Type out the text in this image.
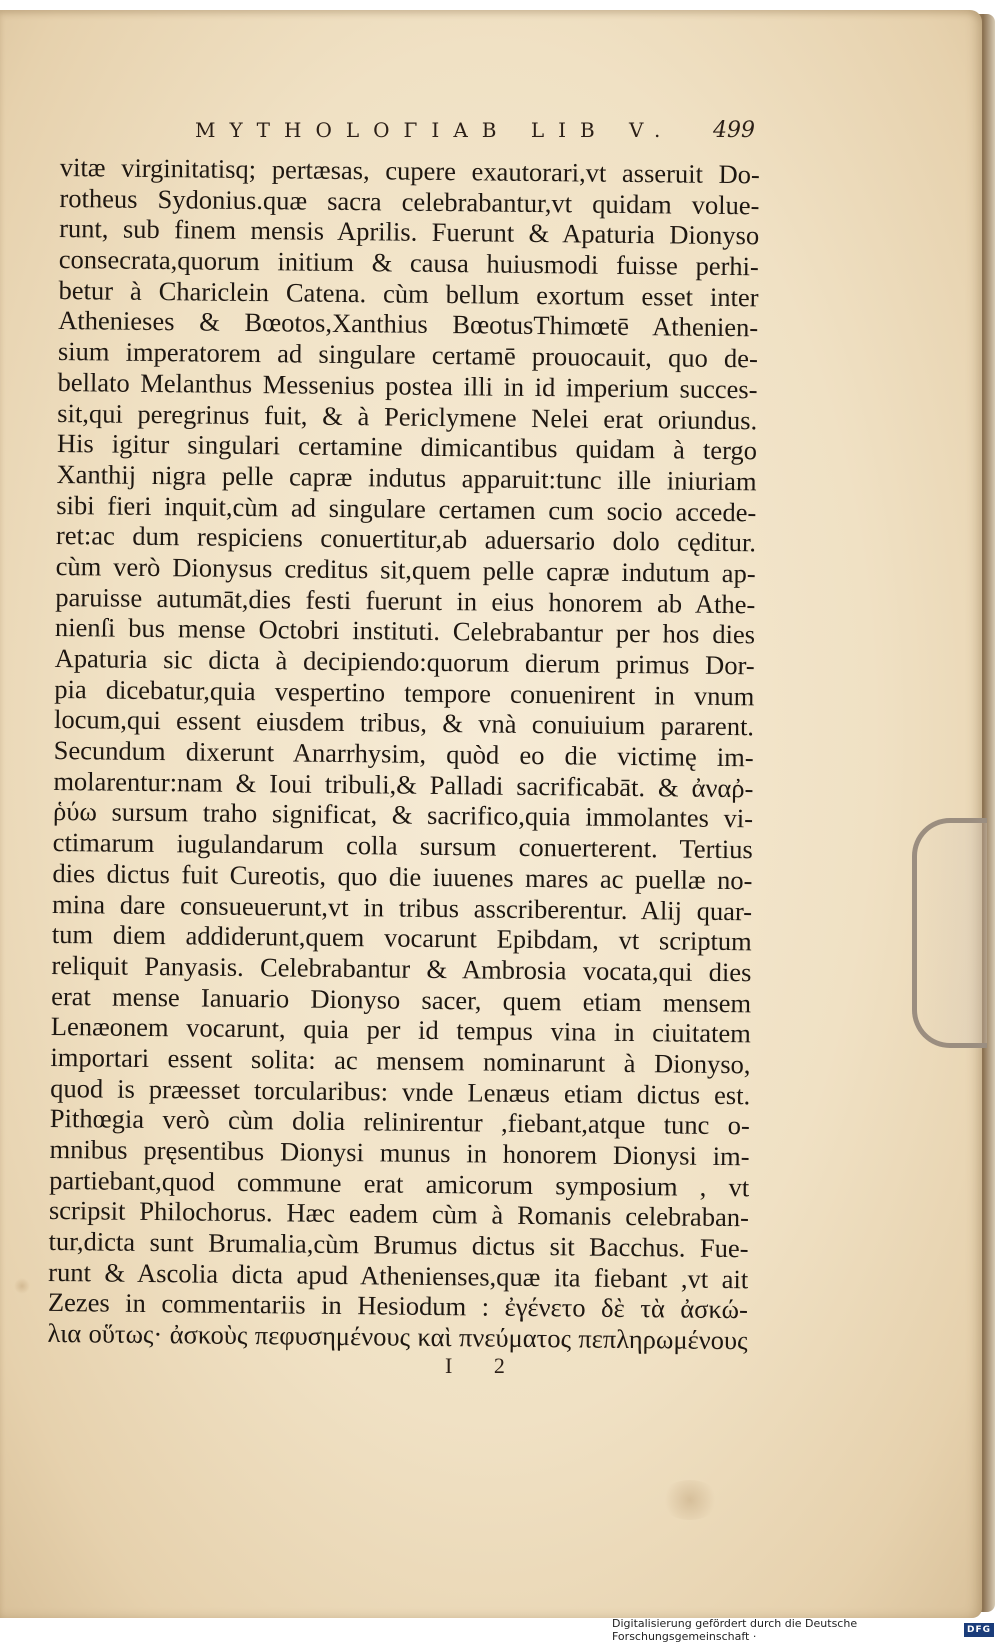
MYTHOLOΓIAB LIB V. 499
vitæ virginitatisq; pertæsas, cupere exautorari,vt asseruit Do-
rotheus Sydonius.quæ sacra celebrabantur,vt quidam volue-
runt, sub finem mensis Aprilis. Fuerunt & Apaturia Dionyso
consecrata,quorum initium & causa huiusmodi fuisse perhi-
betur à Chariclein Catena. cùm bellum exortum esset inter
Athenieses & Bœotos,Xanthius BœotusThimœtē Athenien-
sium imperatorem ad singulare certamē prouocauit, quo de-
bellato Melanthus Messenius postea illi in id imperium succes-
sit,qui peregrinus fuit, & à Periclymene Nelei erat oriundus.
His igitur singulari certamine dimicantibus quidam à tergo
Xanthij nigra pelle capræ indutus apparuit:tunc ille iniuriam
sibi fieri inquit,cùm ad singulare certamen cum socio accede-
ret:ac dum respiciens conuertitur,ab aduersario dolo cęditur.
cùm verò Dionysus creditus sit,quem pelle capræ indutum ap-
paruisse autumāt,dies festi fuerunt in eius honorem ab Athe-
nienſi bus mense Octobri instituti. Celebrabantur per hos dies
Apaturia sic dicta à decipiendo:quorum dierum primus Dor-
pia dicebatur,quia vespertino tempore conuenirent in vnum
locum,qui essent eiusdem tribus, & vnà conuiuium pararent.
Secundum dixerunt Anarrhysim, quòd eo die victimę im-
molarentur:nam & Ioui tribuli,& Palladi sacrificabāt. & ἀναῤ-
ῥύω sursum traho significat, & sacrifico,quia immolantes vi-
ctimarum iugulandarum colla sursum conuerterent. Tertius
dies dictus fuit Cureotis, quo die iuuenes mares ac puellæ no-
mina dare consueuerunt,vt in tribus asscriberentur. Alij quar-
tum diem addiderunt,quem vocarunt Epibdam, vt scriptum
reliquit Panyasis. Celebrabantur & Ambrosia vocata,qui dies
erat mense Ianuario Dionyso sacer, quem etiam mensem
Lenæonem vocarunt, quia per id tempus vina in ciuitatem
importari essent solita: ac mensem nominarunt à Dionyso,
quod is præesset torcularibus: vnde Lenæus etiam dictus est.
Pithœgia verò cùm dolia relinirentur ,fiebant,atque tunc o-
mnibus pręsentibus Dionysi munus in honorem Dionysi im-
partiebant,quod commune erat amicorum symposium , vt
scripsit Philochorus. Hæc eadem cùm à Romanis celebraban-
tur,dicta sunt Brumalia,cùm Brumus dictus sit Bacchus. Fue-
runt & Ascolia dicta apud Athenienses,quæ ita fiebant ,vt ait
Zezes in commentariis in Hesiodum : ἐγένετο δὲ τὰ ἀσκώ-
λια οὕτως· ἀσκοὺς πεφυσημένους καὶ πνεύματος πεπληρωμένους
I 2
Digitalisierung gefördert durch die Deutsche Forschungsgemeinschaft ·	DFG
